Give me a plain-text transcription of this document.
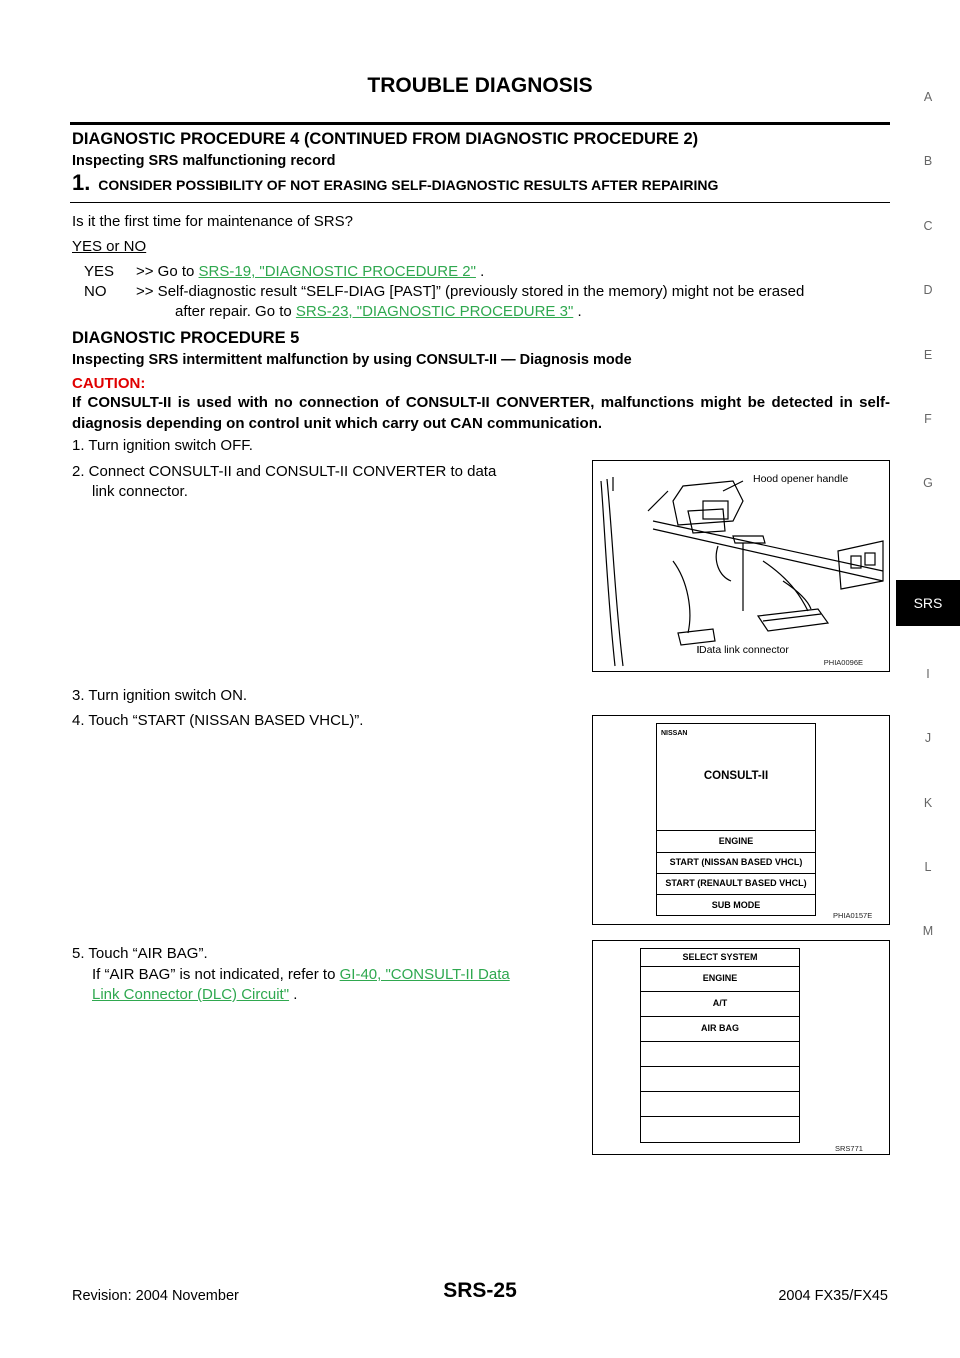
TROUBLE DIAGNOSIS	A
B
C
D
E
F
G
SRS
I
J
K
L
M
DIAGNOSTIC PROCEDURE 4 (CONTINUED FROM DIAGNOSTIC PROCEDURE 2)
Inspecting SRS malfunctioning record
1. CONSIDER POSSIBILITY OF NOT ERASING SELF-DIAGNOSTIC RESULTS AFTER REPAIRING
Is it the first time for maintenance of SRS?
YES or NO
YES >> Go to SRS-19, "DIAGNOSTIC PROCEDURE 2" .
NO >> Self-diagnostic result “SELF-DIAG [PAST]” (previously stored in the memory) might not be erased
after repair. Go to SRS-23, "DIAGNOSTIC PROCEDURE 3" .
DIAGNOSTIC PROCEDURE 5
Inspecting SRS intermittent malfunction by using CONSULT-II — Diagnosis mode
CAUTION:
If CONSULT-II is used with no connection of CONSULT-II CONVERTER, malfunctions might be detected in self-diagnosis depending on control unit which carry out CAN communication.
1. Turn ignition switch OFF.
2. Connect CONSULT-II and CONSULT-II CONVERTER to data
link connector.
3. Turn ignition switch ON.
4. Touch “START (NISSAN BASED VHCL)”.
5. Touch “AIR BAG”.
If “AIR BAG” is not indicated, refer to GI-40, "CONSULT-II Data
Link Connector (DLC) Circuit" .
Hood opener handle
Data link connector
PHIA0096E
NISSAN
CONSULT-II
ENGINE
START (NISSAN BASED VHCL)
START (RENAULT BASED VHCL)
SUB MODE
PHIA0157E
SELECT SYSTEM
ENGINE
A/T
AIR BAG
SRS771
Revision: 2004 November	SRS-25	2004 FX35/FX45
